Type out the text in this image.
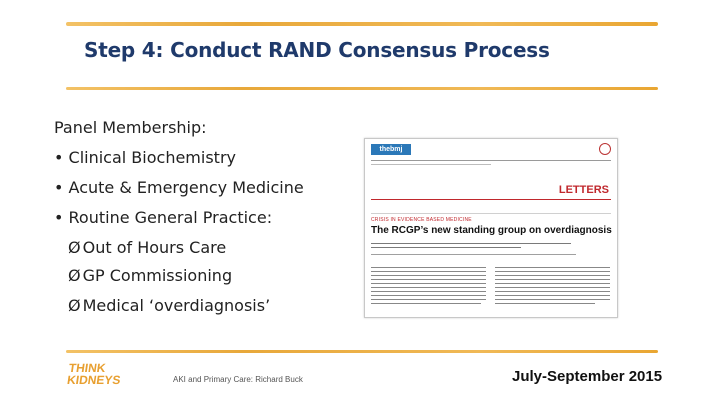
Step 4: Conduct RAND Consensus Process
Panel Membership:
• Clinical Biochemistry
• Acute & Emergency Medicine
• Routine General Practice:
Ø Out of Hours Care
Ø GP Commissioning
Ø Medical ‘overdiagnosis’
thebmj
LETTERS
CRISIS IN EVIDENCE BASED MEDICINE
The RCGP’s new standing group on overdiagnosis
THINK
KIDNEYS	AKI and Primary Care: Richard Buck	July-September 2015
